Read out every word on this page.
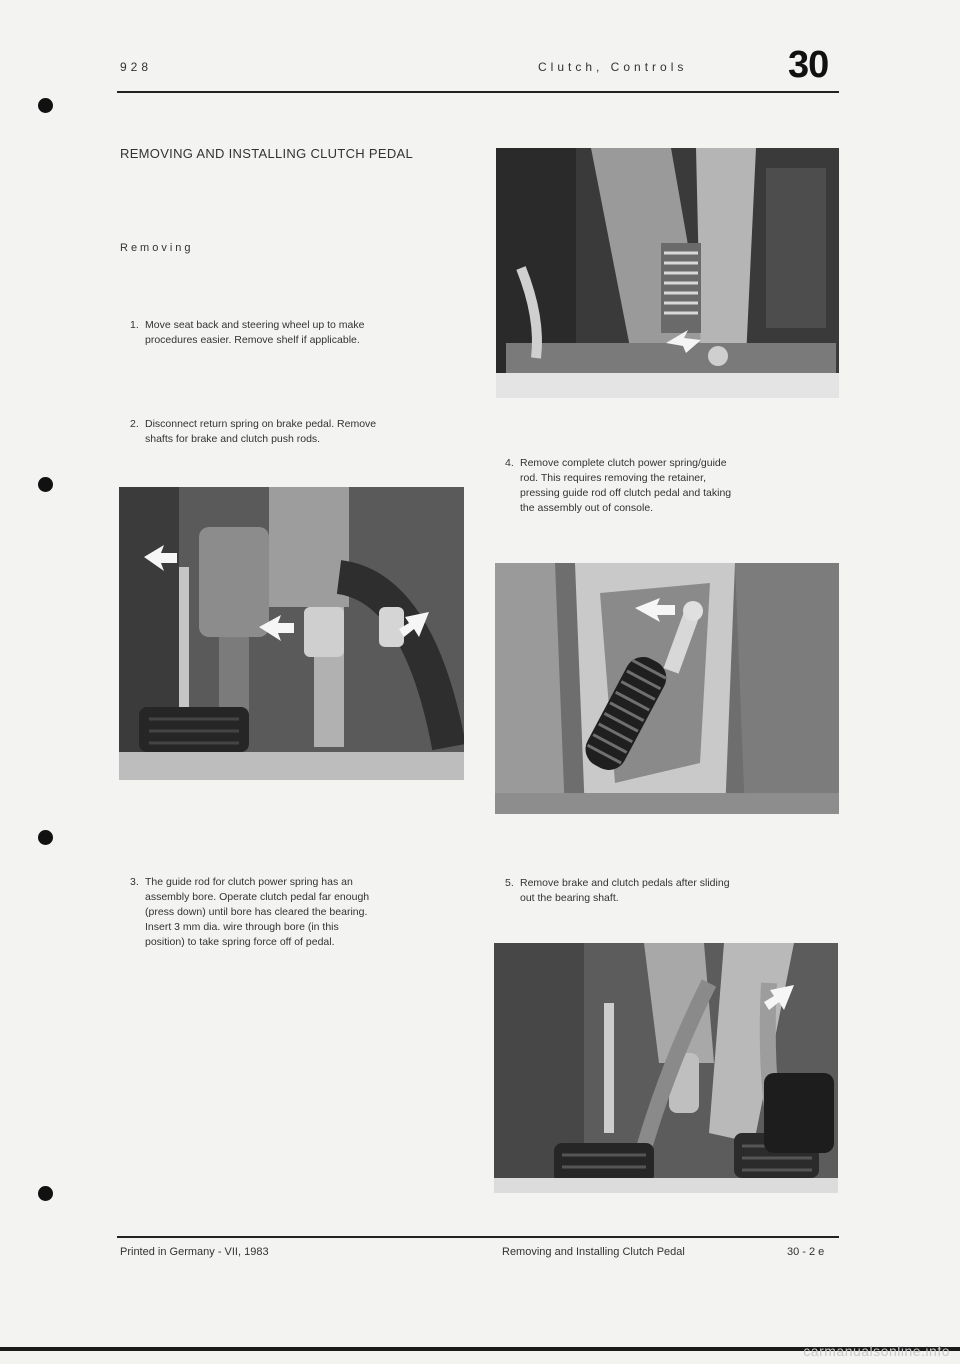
928	Clutch, Controls	30
REMOVING AND INSTALLING CLUTCH PEDAL
Removing
1. Move seat back and steering wheel up to make
procedures easier. Remove shelf if applicable.
2. Disconnect return spring on brake pedal. Remove
shafts for brake and clutch push rods.
3. The guide rod for clutch power spring has an
assembly bore. Operate clutch pedal far enough
(press down) until bore has cleared the bearing.
Insert 3 mm dia. wire through bore (in this
position) to take spring force off of pedal.
4. Remove complete clutch power spring/guide
rod. This requires removing the retainer,
pressing guide rod off clutch pedal and taking
the assembly out of console.
5. Remove brake and clutch pedals after sliding
out the bearing shaft.
Printed in Germany - VII, 1983	Removing and Installing Clutch Pedal	30 - 2 e
carmanualsonline.info
